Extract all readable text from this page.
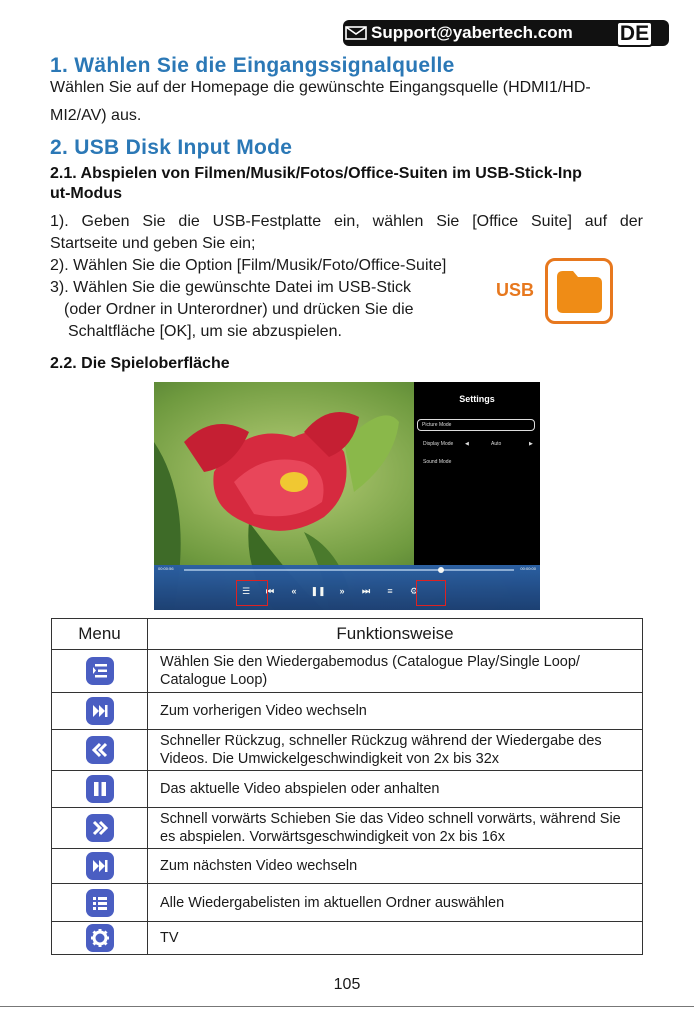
Support@yabertech.com DE
1. Wählen Sie die Eingangssignalquelle
Wählen Sie auf der Homepage die gewünschte Eingangsquelle (HDMI1/HD-
MI2/AV) aus.
2. USB Disk Input Mode
2.1. Abspielen von Filmen/Musik/Fotos/Office-Suiten im USB-Stick-Inp
ut-Modus
1). Geben Sie die USB-Festplatte ein, wählen Sie [Office Suite] auf der
Startseite und geben Sie ein;
2). Wählen Sie die Option [Film/Musik/Foto/Office-Suite]
3). Wählen Sie die gewünschte Datei im USB-Stick
(oder Ordner in Unterordner) und drücken Sie die
Schaltfläche [OK], um sie abzuspielen.
USB
2.2. Die Spieloberfläche
Settings
Picture Mode
Display Mode ◀	Auto	▶
Sound Mode
00:00:56	00:00:00
☰	⏮	«	❚❚	»	⏭	≡	⚙
Menu	Funktionsweise

	Wählen Sie den Wiedergabemodus (Catalogue Play/Single Loop/ Catalogue Loop)

	Zum vorherigen Video wechseln

	Schneller Rückzug, schneller Rückzug während der Wiedergabe des Videos. Die Umwickelgeschwindigkeit von 2x bis 32x

	Das aktuelle Video abspielen oder anhalten

	Schnell vorwärts Schieben Sie das Video schnell vorwärts, während Sie es abspielen. Vorwärtsgeschwindigkeit von 2x bis 16x

	Zum nächsten Video wechseln

	Alle Wiedergabelisten im aktuellen Ordner auswählen

	TV
105
